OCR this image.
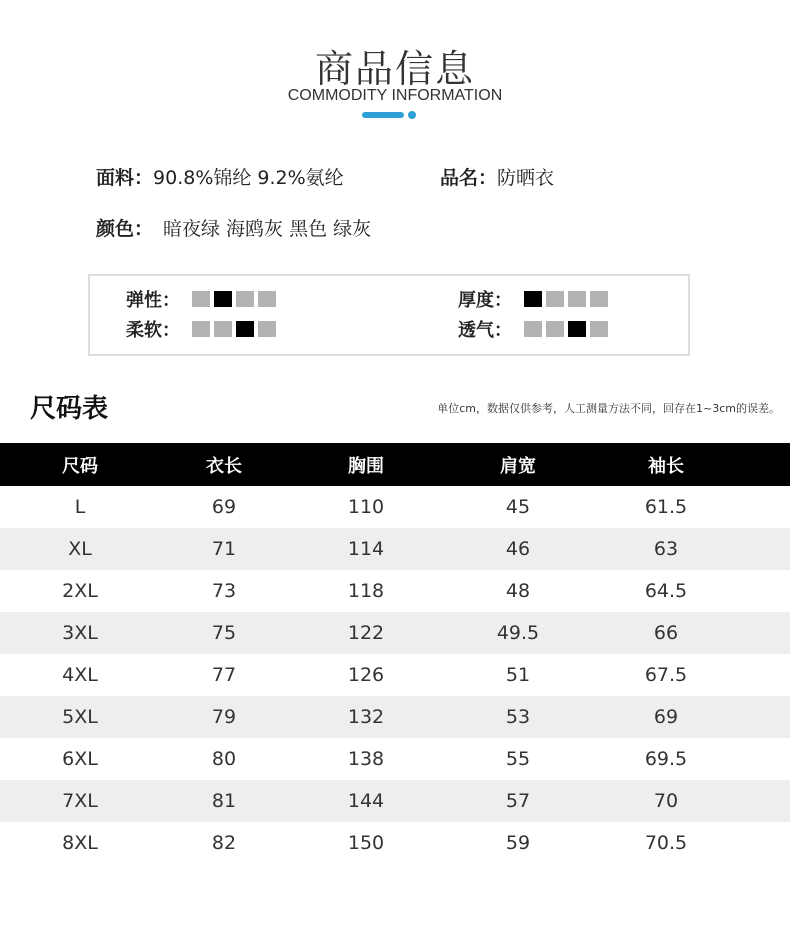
商品信息
COMMODITY INFORMATION
面料：90.8%锦纶 9.2%氨纶	品名：防晒衣
颜色： 暗夜绿 海鸥灰 黑色 绿灰
弹性：
柔软：
厚度：
透气：
尺码表	单位cm，数据仅供参考，人工测量方法不同，回存在1~3cm的误差。
尺码	衣长	胸围	肩宽	袖长
L	69	110	45	61.5
XL	71	114	46	63
2XL	73	118	48	64.5
3XL	75	122	49.5	66
4XL	77	126	51	67.5
5XL	79	132	53	69
6XL	80	138	55	69.5
7XL	81	144	57	70
8XL	82	150	59	70.5
